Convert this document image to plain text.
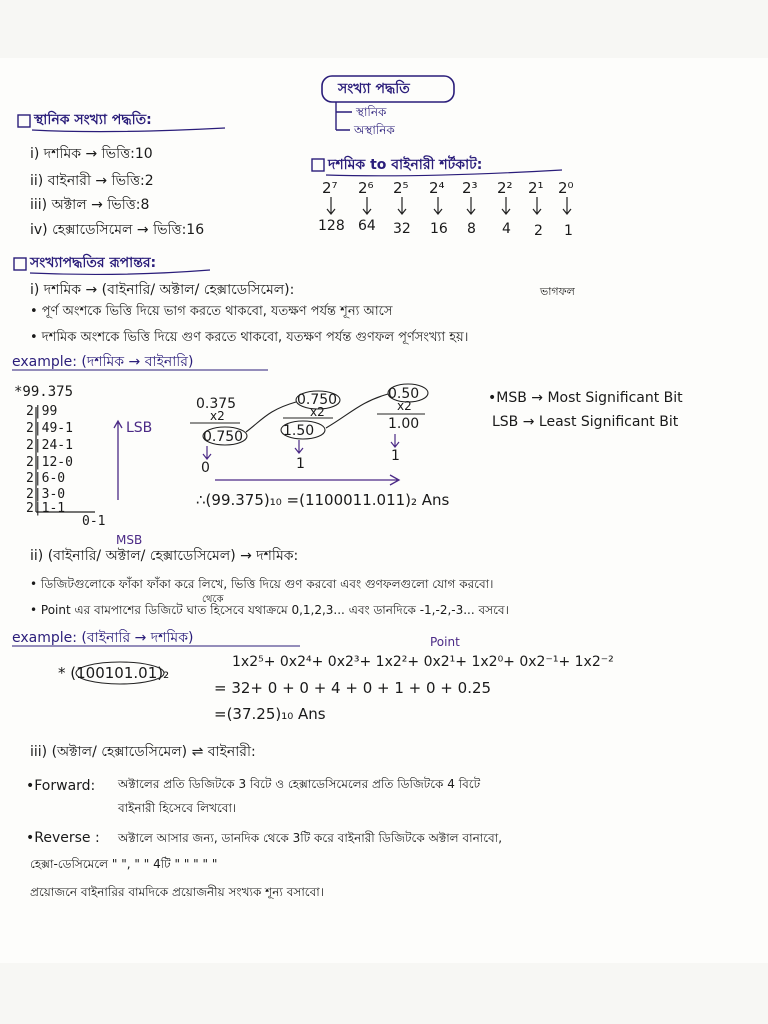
সংখ্যা পদ্ধতি
স্থানিক
অস্থানিক
স্থানিক সংখ্যা পদ্ধতি:
i) দশমিক → ভিত্তি:10
ii) বাইনারী → ভিত্তি:2
iii) অক্টাল → ভিত্তি:8
iv) হেক্সাডেসিমেল → ভিত্তি:16
দশমিক to বাইনারী শর্টকাট:
2⁷ 2⁶ 2⁵ 2⁴ 2³ 2² 2¹ 2⁰
128 64 32 16 8 4 2 1
সংখ্যাপদ্ধতির রূপান্তর:
i) দশমিক → (বাইনারি/ অক্টাল/ হেক্সাডেসিমেল):	ভাগফল
• পূর্ণ অংশকে ভিত্তি দিয়ে ভাগ করতে থাকবো, যতক্ষণ পর্যন্ত শূন্য আসে
• দশমিক অংশকে ভিত্তি দিয়ে গুণ করতে থাকবো, যতক্ষণ পর্যন্ত গুণফল পূর্ণসংখ্যা হয়।
example: (দশমিক → বাইনারি)
*99.375
2|99
2|49-1
2|24-1
2|12-0
2|6-0
2|3-0
2|1-1
0-1
LSB
MSB
0.375
x2
0.750
0
0.750
x2
1.50
1
0.50
x2
1.00
1
•MSB → Most Significant Bit
LSB → Least Significant Bit
∴(99.375)₁₀ =(1100011.011)₂ Ans
ii) (বাইনারি/ অক্টাল/ হেক্সাডেসিমেল) → দশমিক:
• ডিজিটগুলোকে ফাঁকা ফাঁকা করে লিখে, ভিত্তি দিয়ে গুণ করবো এবং গুণফলগুলো যোগ করবো।
থেকে
• Point এর বামপাশের ডিজিটে ঘাত হিসেবে যথাক্রমে 0,1,2,3... এবং ডানদিকে -1,-2,-3... বসবে।
example: (বাইনারি → দশমিক)	Point
* (100101.01)₂
1x2⁵+ 0x2⁴+ 0x2³+ 1x2²+ 0x2¹+ 1x2⁰+ 0x2⁻¹+ 1x2⁻²
= 32+ 0 + 0 + 4 + 0 + 1 + 0 + 0.25
=(37.25)₁₀ Ans
iii) (অক্টাল/ হেক্সাডেসিমেল) ⇌ বাইনারী:
•Forward: অক্টালের প্রতি ডিজিটকে 3 বিটে ও হেক্সাডেসিমেলের প্রতি ডিজিটকে 4 বিটে
বাইনারী হিসেবে লিখবো।
•Reverse : অক্টালে আসার জন্য, ডানদিক থেকে 3টি করে বাইনারী ডিজিটকে অক্টাল বানাবো,
হেক্সা-ডেসিমেলে " ", " " 4টি " " " " "
প্রয়োজনে বাইনারির বামদিকে প্রয়োজনীয় সংখ্যক শূন্য বসাবো।
